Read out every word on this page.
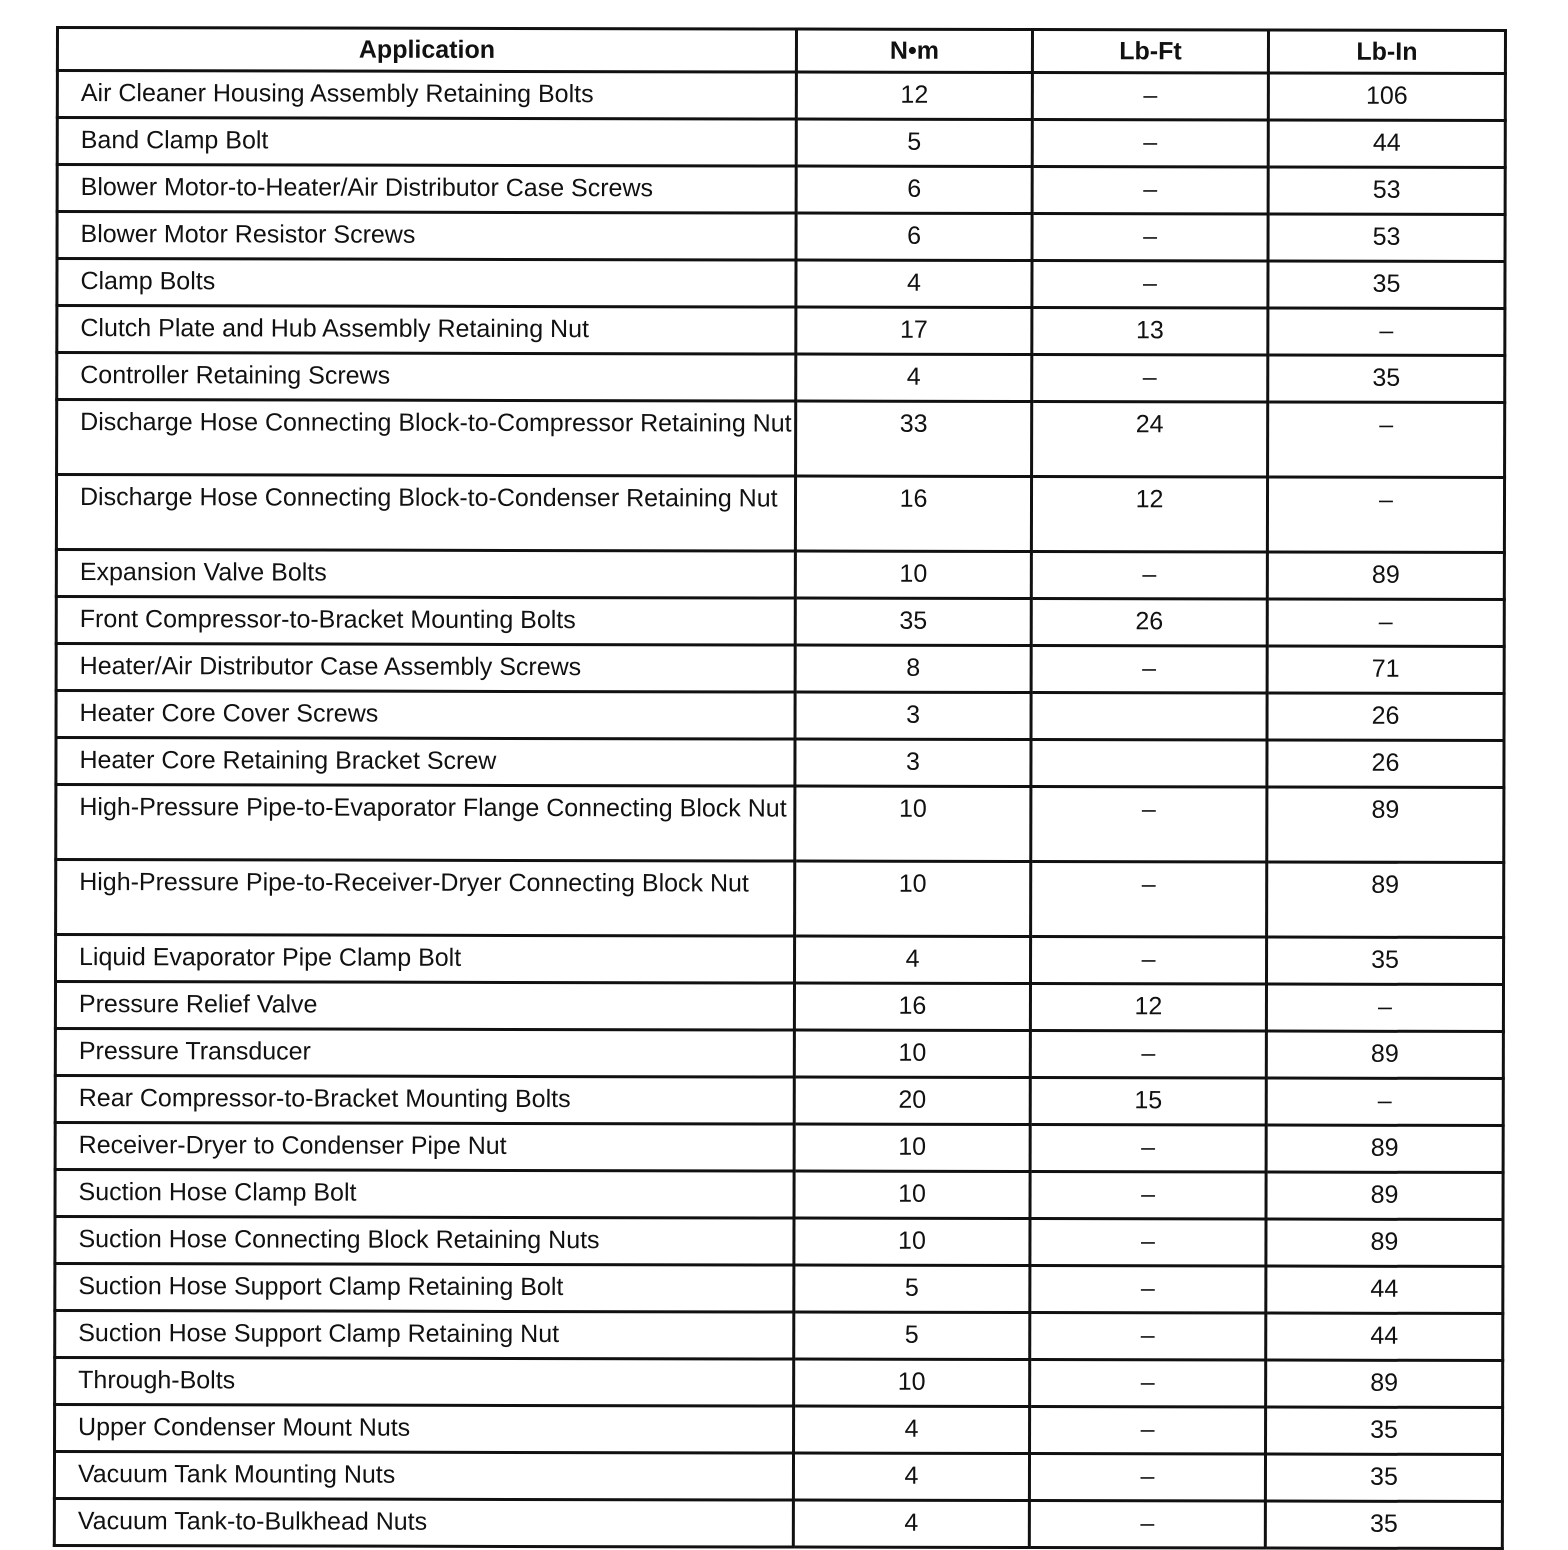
Application	N•m	Lb-Ft	Lb-In
Air Cleaner Housing Assembly Retaining Bolts	12	–	106
Band Clamp Bolt	5	–	44
Blower Motor-to-Heater/Air Distributor Case Screws	6	–	53
Blower Motor Resistor Screws	6	–	53
Clamp Bolts	4	–	35
Clutch Plate and Hub Assembly Retaining Nut	17	13	–
Controller Retaining Screws	4	–	35
Discharge Hose Connecting Block-to-Compressor Retaining Nut	33	24	–
Discharge Hose Connecting Block-to-Condenser Retaining Nut	16	12	–
Expansion Valve Bolts	10	–	89
Front Compressor-to-Bracket Mounting Bolts	35	26	–
Heater/Air Distributor Case Assembly Screws	8	–	71
Heater Core Cover Screws	3		26
Heater Core Retaining Bracket Screw	3		26
High-Pressure Pipe-to-Evaporator Flange Connecting Block Nut	10	–	89
High-Pressure Pipe-to-Receiver-Dryer Connecting Block Nut	10	–	89
Liquid Evaporator Pipe Clamp Bolt	4	–	35
Pressure Relief Valve	16	12	–
Pressure Transducer	10	–	89
Rear Compressor-to-Bracket Mounting Bolts	20	15	–
Receiver-Dryer to Condenser Pipe Nut	10	–	89
Suction Hose Clamp Bolt	10	–	89
Suction Hose Connecting Block Retaining Nuts	10	–	89
Suction Hose Support Clamp Retaining Bolt	5	–	44
Suction Hose Support Clamp Retaining Nut	5	–	44
Through-Bolts	10	–	89
Upper Condenser Mount Nuts	4	–	35
Vacuum Tank Mounting Nuts	4	–	35
Vacuum Tank-to-Bulkhead Nuts	4	–	35
